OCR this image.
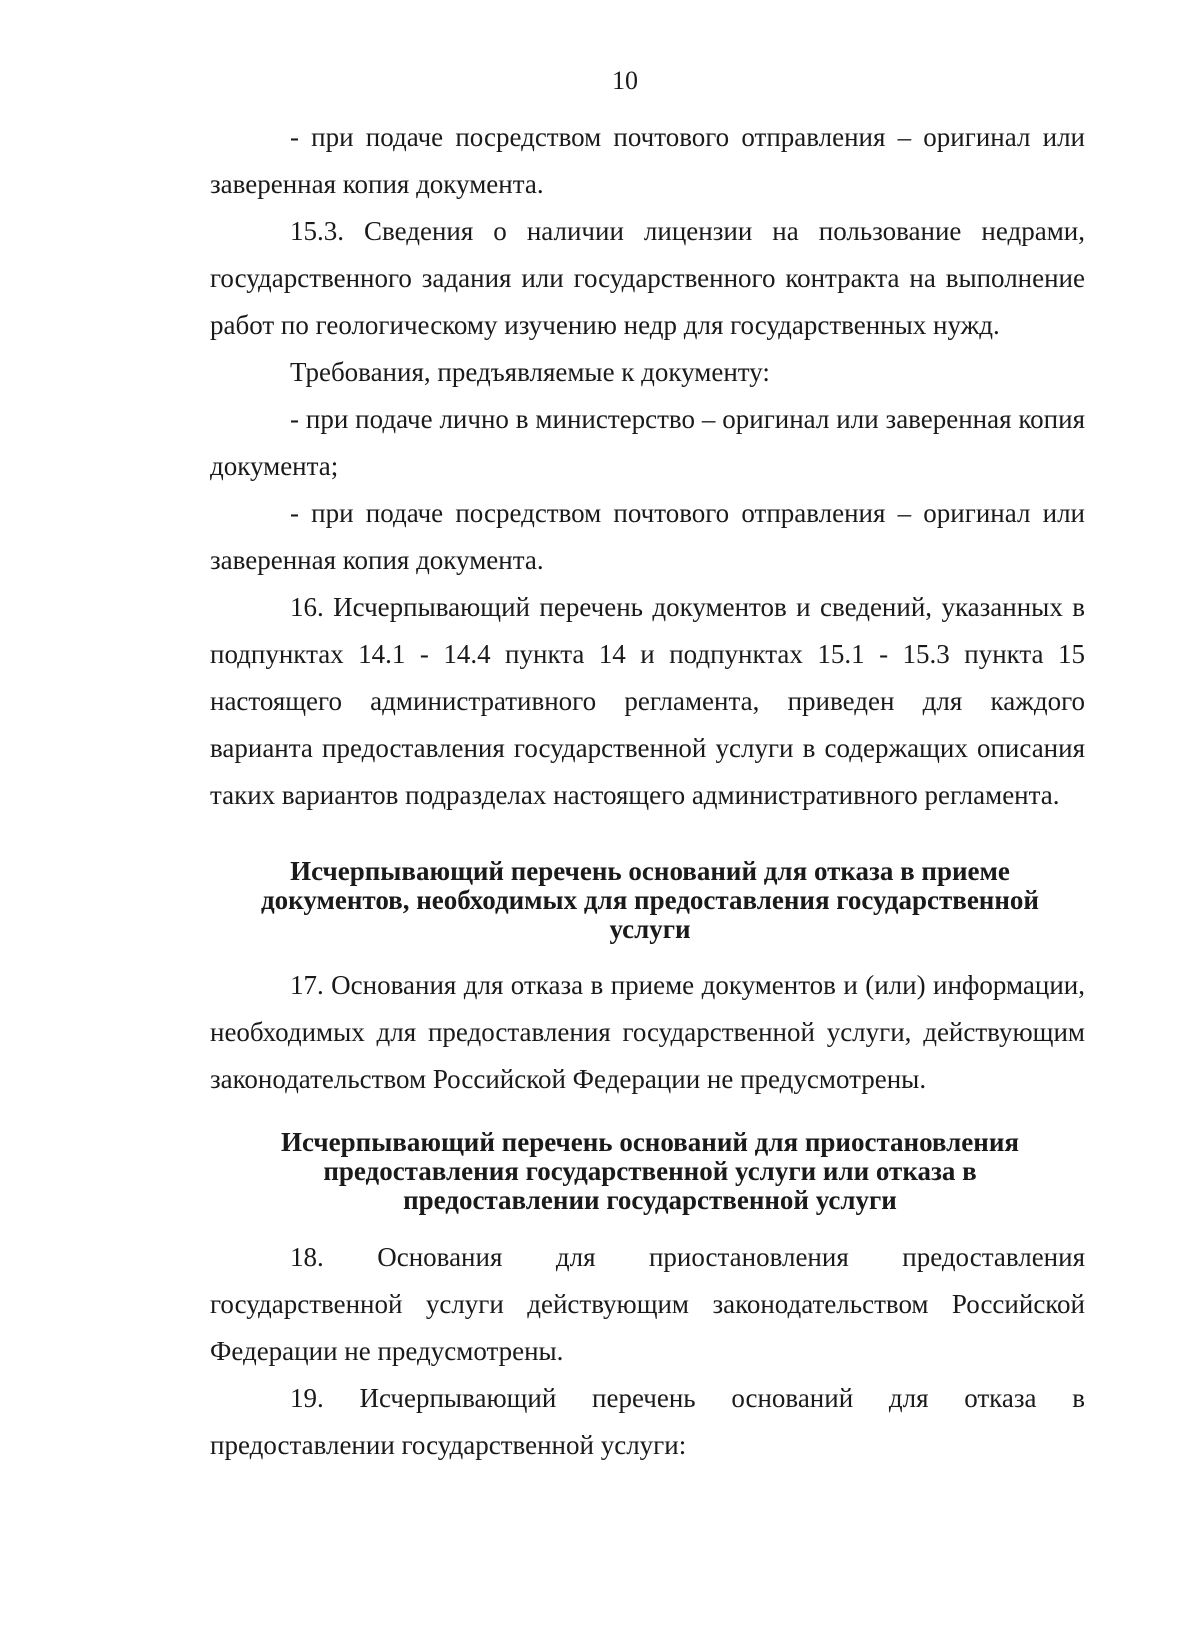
10

- при подаче посредством почтового отправления – оригинал или заверенная копия документа.

15.3. Сведения о наличии лицензии на пользование недрами, государственного задания или государственного контракта на выполнение работ по геологическому изучению недр для государственных нужд.

Требования, предъявляемые к документу:

- при подаче лично в министерство – оригинал или заверенная копия документа;

- при подаче посредством почтового отправления – оригинал или заверенная копия документа.

16. Исчерпывающий перечень документов и сведений, указанных в подпунктах 14.1 - 14.4 пункта 14 и подпунктах 15.1 - 15.3 пункта 15 настоящего административного регламента, приведен для каждого варианта предоставления государственной услуги в содержащих описания таких вариантов подразделах настоящего административного регламента.

Исчерпывающий перечень оснований для отказа в приеме
документов, необходимых для предоставления государственной
услуги

17. Основания для отказа в приеме документов и (или) информации, необходимых для предоставления государственной услуги, действующим законодательством Российской Федерации не предусмотрены.

Исчерпывающий перечень оснований для приостановления
предоставления государственной услуги или отказа в
предоставлении государственной услуги

18. Основания для приостановления предоставления государственной услуги действующим законодательством Российской Федерации не предусмотрены.

19. Исчерпывающий перечень оснований для отказа в предоставлении государственной услуги:
